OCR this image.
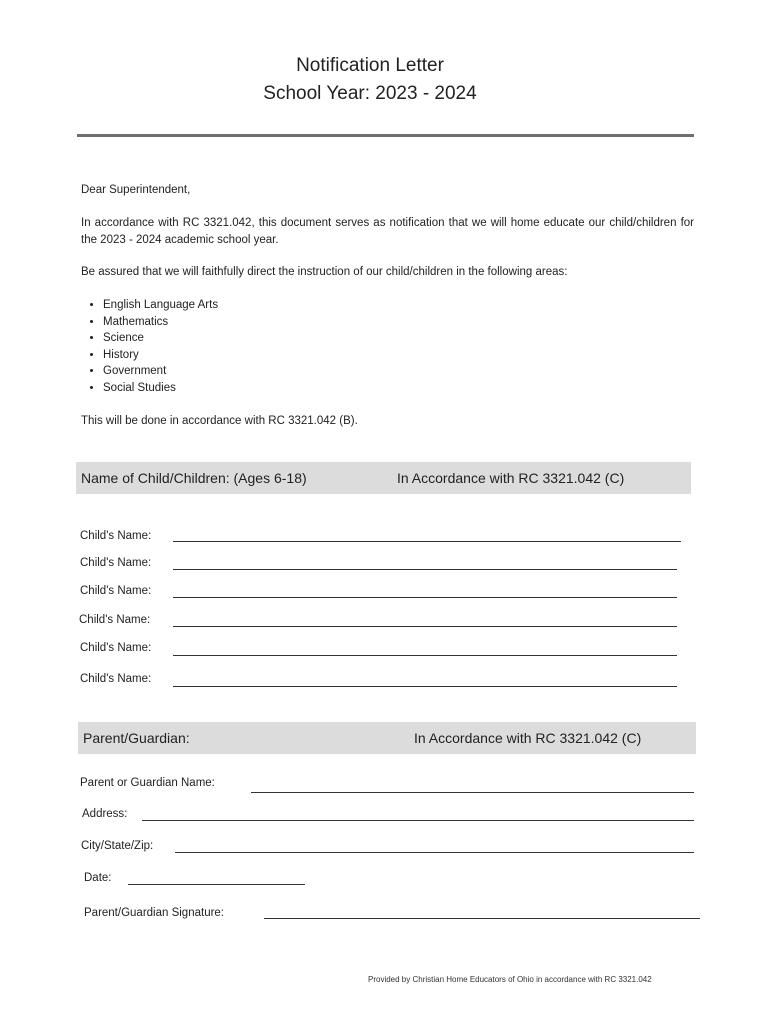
Notification Letter
School Year: 2023 - 2024
Dear Superintendent,
In accordance with RC 3321.042, this document serves as notification that we will home educate our child/children for the 2023 - 2024 academic school year.
Be assured that we will faithfully direct the instruction of our child/children in the following areas:
• English Language Arts
• Mathematics
• Science
• History
• Government
• Social Studies
This will be done in accordance with RC 3321.042 (B).
Name of Child/Children: (Ages 6-18)	In Accordance with RC 3321.042 (C)
Child's Name:
Child's Name:
Child's Name:
Child's Name:
Child's Name:
Child's Name:
Parent/Guardian:	In Accordance with RC 3321.042 (C)
Parent or Guardian Name:
Address:
City/State/Zip:
Date:
Parent/Guardian Signature:
Provided by Christian Home Educators of Ohio in accordance with RC 3321.042
